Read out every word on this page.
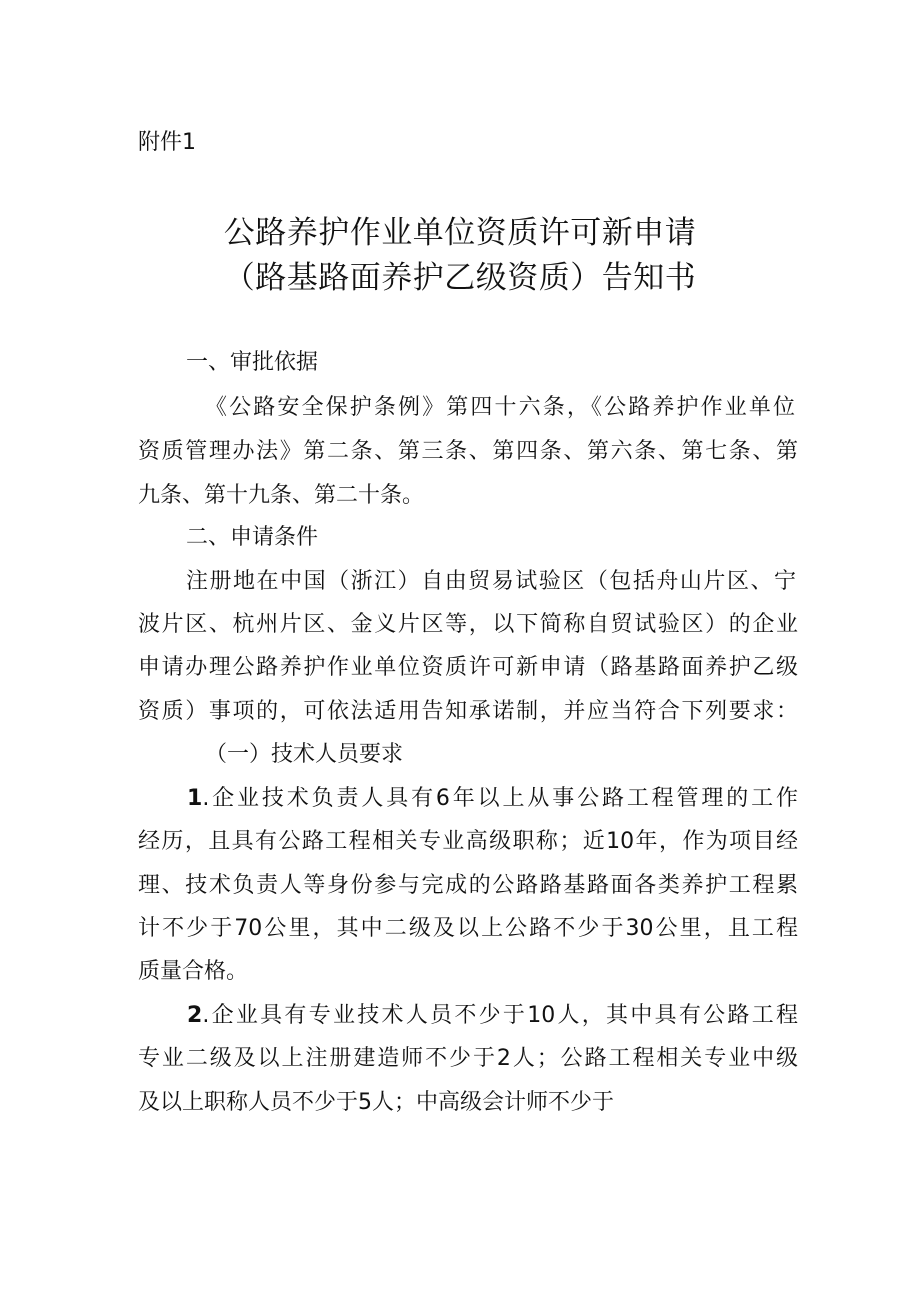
附件1
公路养护作业单位资质许可新申请
（路基路面养护乙级资质）告知书
一、审批依据
《公路安全保护条例》第四十六条，《公路养护作业单位
资质管理办法》第二条、第三条、第四条、第六条、第七条、第
九条、第十九条、第二十条。
二、申请条件
注册地在中国（浙江）自由贸易试验区（包括舟山片区、宁
波片区、杭州片区、金义片区等，以下简称自贸试验区）的企业
申请办理公路养护作业单位资质许可新申请（路基路面养护乙级
资质）事项的，可依法适用告知承诺制，并应当符合下列要求：
（一）技术人员要求
1.企业技术负责人具有6年以上从事公路工程管理的工作
经历，且具有公路工程相关专业高级职称；近10年，作为项目经
理、技术负责人等身份参与完成的公路路基路面各类养护工程累
计不少于70公里，其中二级及以上公路不少于30公里，且工程
质量合格。
2.企业具有专业技术人员不少于10人，其中具有公路工程
专业二级及以上注册建造师不少于2人；公路工程相关专业中级
及以上职称人员不少于5人；中高级会计师不少于
